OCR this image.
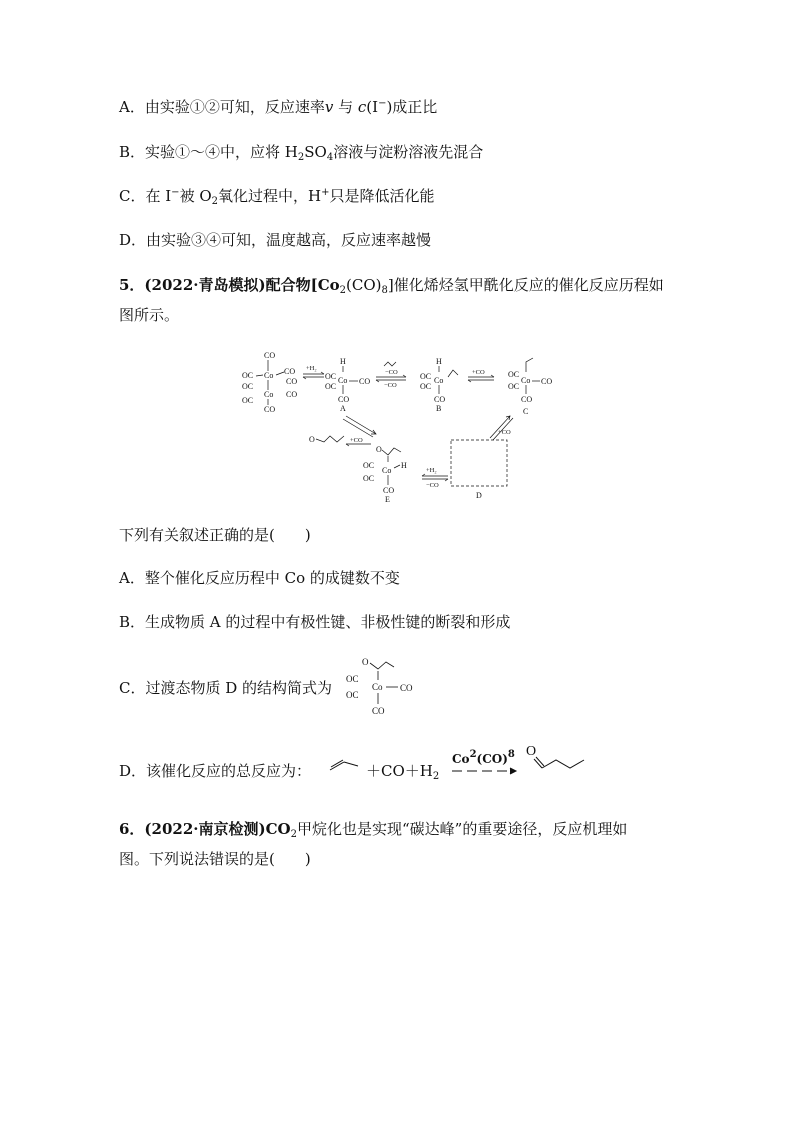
A．由实验①②可知，反应速率v 与 c(I−)成正比
B．实验①～④中，应将 $H_2SO_4$溶液与淀粉溶液先混合
C．在 I−被 $O_2$氧化过程中，H+只是降低活化能
D．由实验③④可知，温度越高，反应速率越慢
5．(2022·青岛模拟)配合物$[Co_2(CO)_8]$催化烯烃氢甲酰化反应的催化反应历程如
图所示。
CO
OC
OC
OC
Co
Co
CO
CO
CO
CO
+H₂
H
OC
OC
Co CO
CO
A
−CO
−CO
H
OC
OC
Co
CO
B
+CO	OC
OC
Co CO
CO
C
+CO
D
+H₂
−CO
O	+CO
O
OC
OC
Co
H
CO
E
下列有关叙述正确的是(　　)
A．整个催化反应历程中 Co 的成键数不变
B．生成物质 A 的过程中有极性键、非极性键的断裂和形成
C．过渡态物质 D 的结构简式为
O
OC
OC
Co CO
CO
D．该催化反应的总反应为：	$+CO+H_2$
Co$^2$(CO)$^8$ O
6．(2022·南京检测)$CO_2$甲烷化也是实现“碳达峰”的重要途径，反应机理如
图。下列说法错误的是(　　)
